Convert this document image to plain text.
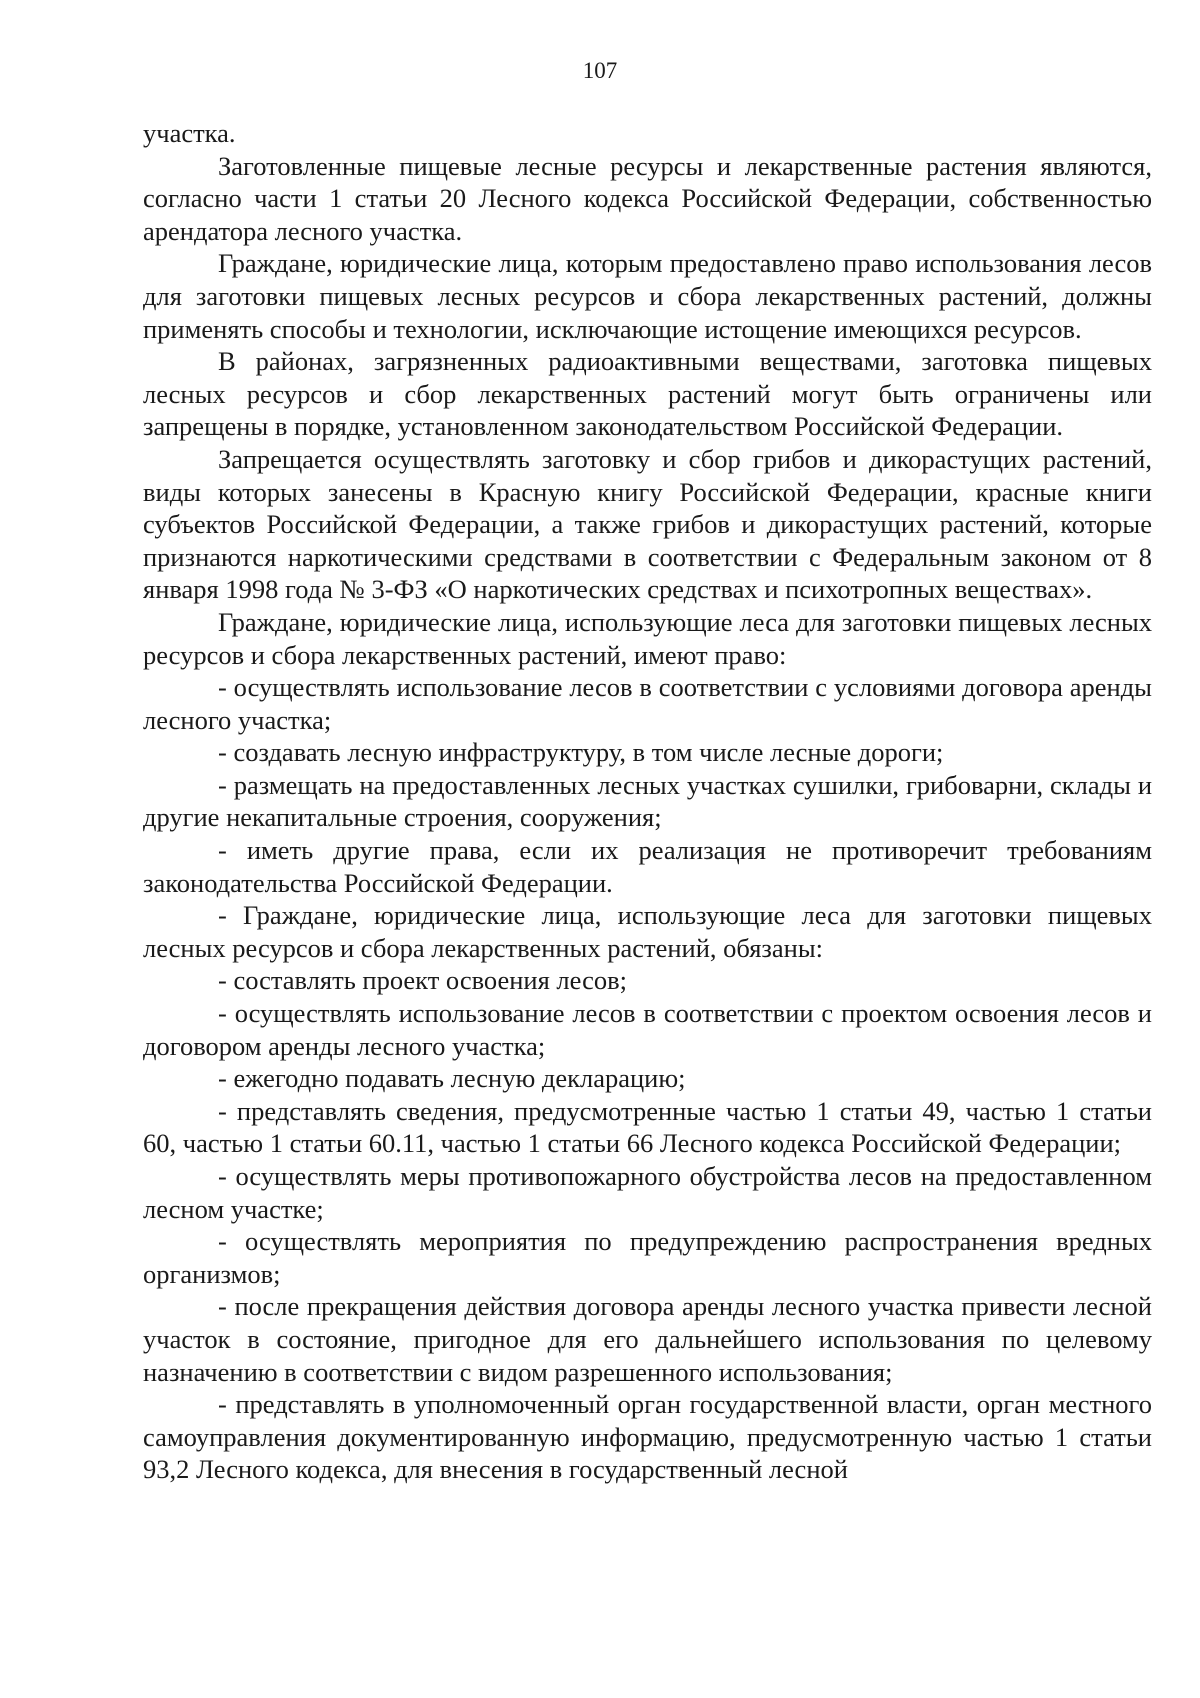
107

участка.

Заготовленные пищевые лесные ресурсы и лекарственные растения являются, согласно части 1 статьи 20 Лесного кодекса Российской Федерации, собственностью арендатора лесного участка.

Граждане, юридические лица, которым предоставлено право использования лесов для заготовки пищевых лесных ресурсов и сбора лекарственных растений, должны применять способы и технологии, исключающие истощение имеющихся ресурсов.

В районах, загрязненных радиоактивными веществами, заготовка пищевых лесных ресурсов и сбор лекарственных растений могут быть ограничены или запрещены в порядке, установленном законодательством Российской Федерации.

Запрещается осуществлять заготовку и сбор грибов и дикорастущих растений, виды которых занесены в Красную книгу Российской Федерации, красные книги субъектов Российской Федерации, а также грибов и дикорастущих растений, которые признаются наркотическими средствами в соответствии с Федеральным законом от 8 января 1998 года № 3-ФЗ «О наркотических средствах и психотропных веществах».

Граждане, юридические лица, использующие леса для заготовки пищевых лесных ресурсов и сбора лекарственных растений, имеют право:

- осуществлять использование лесов в соответствии с условиями договора аренды лесного участка;

- создавать лесную инфраструктуру, в том числе лесные дороги;

- размещать на предоставленных лесных участках сушилки, грибоварни, склады и другие некапитальные строения, сооружения;

- иметь другие права, если их реализация не противоречит требованиям законодательства Российской Федерации.

- Граждане, юридические лица, использующие леса для заготовки пищевых лесных ресурсов и сбора лекарственных растений, обязаны:

- составлять проект освоения лесов;

- осуществлять использование лесов в соответствии с проектом освоения лесов и договором аренды лесного участка;

- ежегодно подавать лесную декларацию;

- представлять сведения, предусмотренные частью 1 статьи 49, частью 1 статьи 60, частью 1 статьи 60.11, частью 1 статьи 66 Лесного кодекса Российской Федерации;

- осуществлять меры противопожарного обустройства лесов на предоставленном лесном участке;

- осуществлять мероприятия по предупреждению распространения вредных организмов;

- после прекращения действия договора аренды лесного участка привести лесной участок в состояние, пригодное для его дальнейшего использования по целевому назначению в соответствии с видом разрешенного использования;

- представлять в уполномоченный орган государственной власти, орган местного самоуправления документированную информацию, предусмотренную частью 1 статьи 93,2 Лесного кодекса, для внесения в государственный лесной
